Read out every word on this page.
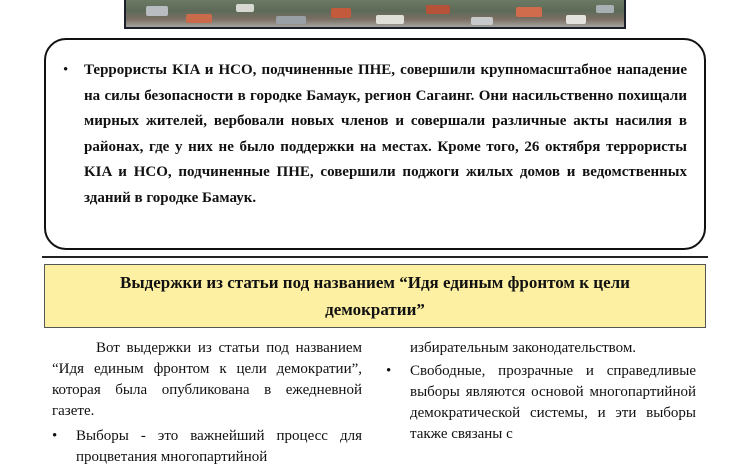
• Террористы KIA и НСО, подчиненные ПНЕ, совершили крупномасштабное нападение на силы безопасности в городке Бамаук, регион Сагаинг. Они насильственно похищали мирных жителей, вербовали новых членов и совершали различные акты насилия в районах, где у них не было поддержки на местах. Кроме того, 26 октября террористы KIA и НСО, подчиненные ПНЕ, совершили поджоги жилых домов и ведомственных зданий в городке Бамаук.
Выдержки из статьи под названием “Идя единым фронтом к цели демократии”

Вот выдержки из статьи под названием “Идя единым фронтом к цели демократии”, которая была опубликована в ежедневной газете.

• Выборы - это важнейший процесс для процветания многопартийной

избирательным законодательством.

• Свободные, прозрачные и справедливые выборы являются основой многопартийной демократической системы, и эти выборы также связаны с
